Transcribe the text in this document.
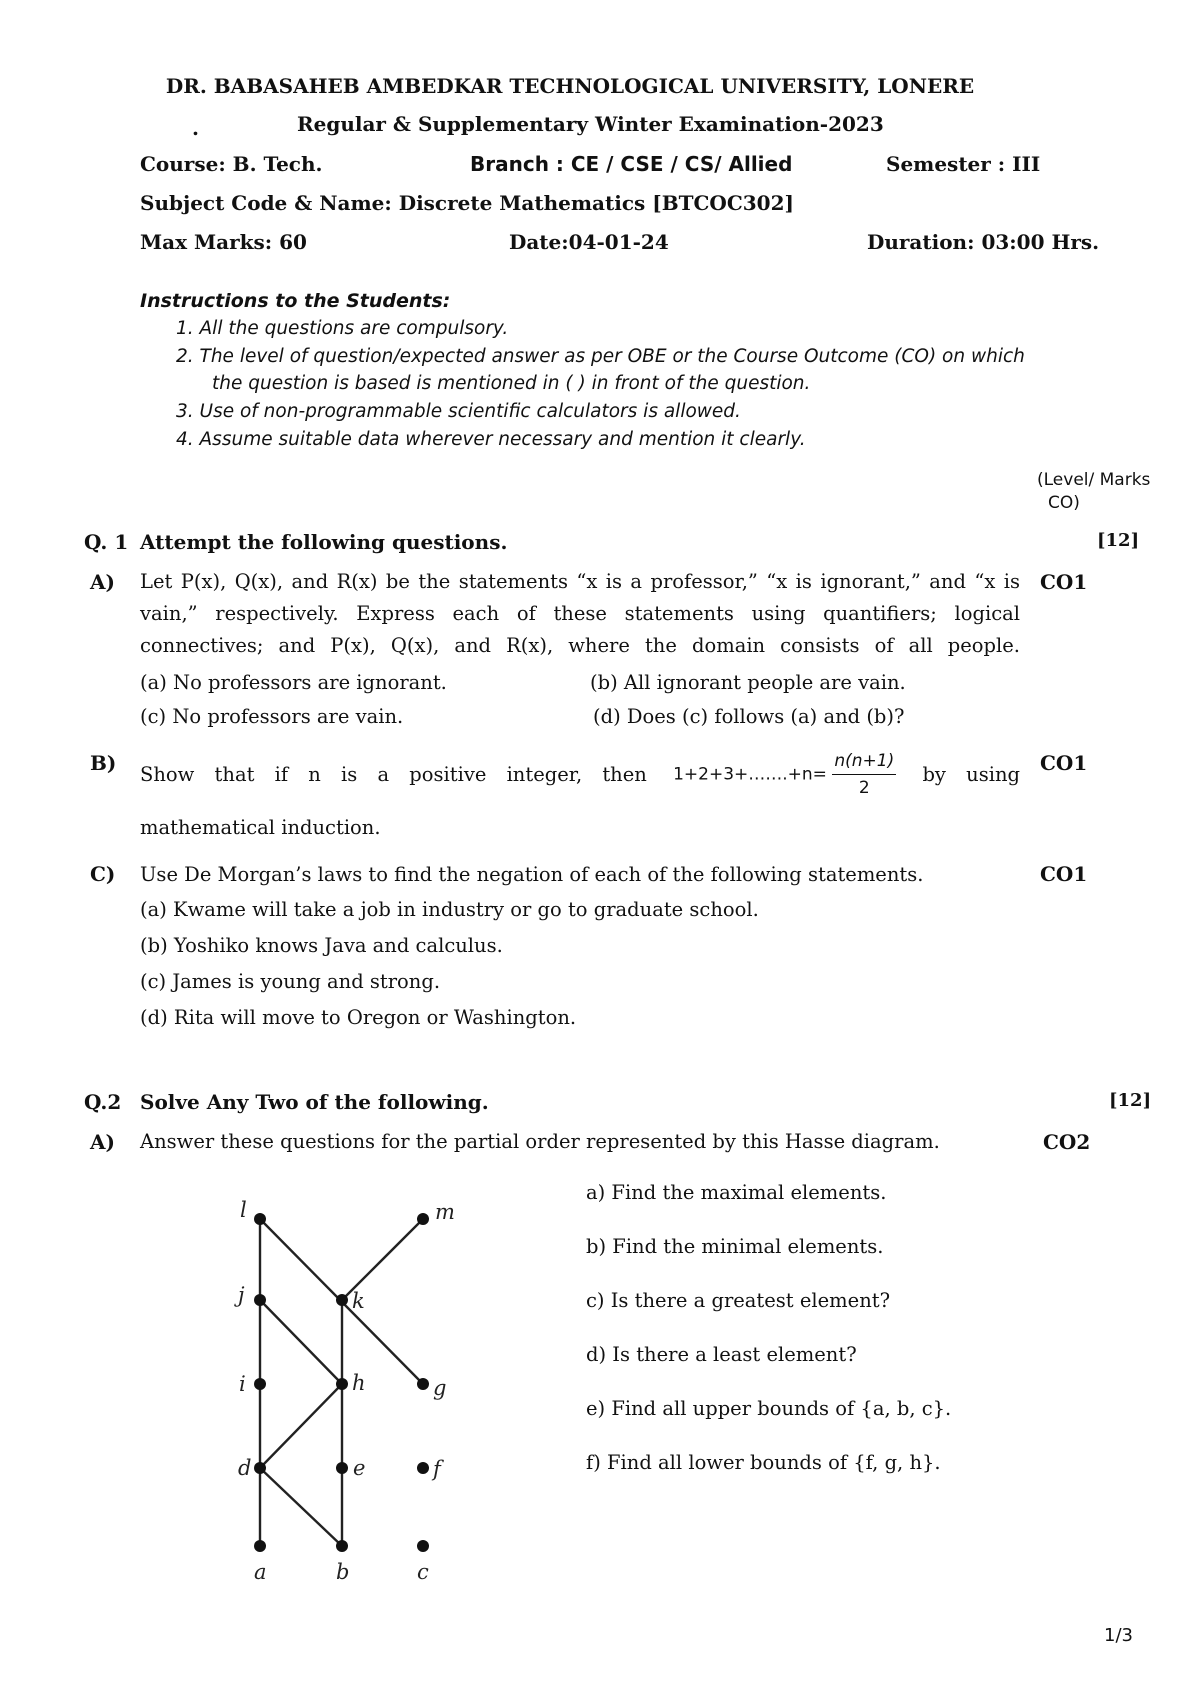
DR. BABASAHEB AMBEDKAR TECHNOLOGICAL UNIVERSITY, LONERE
.	Regular & Supplementary Winter Examination-2023
Course: B. Tech.	Branch : CE / CSE / CS/ Allied	Semester : III
Subject Code & Name: Discrete Mathematics [BTCOC302]
Max Marks: 60	Date:04-01-24	Duration: 03:00 Hrs.
Instructions to the Students:
1. All the questions are compulsory.
2. The level of question/expected answer as per OBE or the Course Outcome (CO) on which
the question is based is mentioned in ( ) in front of the question.
3. Use of non-programmable scientific calculators is allowed.
4. Assume suitable data wherever necessary and mention it clearly.
(Level/ Marks
CO)
Q. 1 Attempt the following questions.	[12]
A) Let P(x), Q(x), and R(x) be the statements “x is a professor,” “x is ignorant,” and “x is vain,” respectively. Express each of these statements using quantifiers; logical connectives; and P(x), Q(x), and R(x), where the domain consists of all people.
CO1
(a) No professors are ignorant.	(b) All ignorant people are vain.
(c) No professors are vain.	(d) Does (c) follows (a) and (b)?
B) Show that if n is a positive integer, then 1+2+3+…….+n= $\frac{n(n+1)}{2}$ by using CO1
mathematical induction.
C) Use De Morgan’s laws to find the negation of each of the following statements.	CO1
(a) Kwame will take a job in industry or go to graduate school.
(b) Yoshiko knows Java and calculus.
(c) James is young and strong.
(d) Rita will move to Oregon or Washington.
Q.2 Solve Any Two of the following.	[12]
A) Answer these questions for the partial order represented by this Hasse diagram.	CO2
a) Find the maximal elements.
b) Find the minimal elements.
c) Is there a greatest element?
d) Is there a least element?
e) Find all upper bounds of {a, b, c}.
f) Find all lower bounds of {f, g, h}.
l	m
j	k
i	h	g
d	e	f
a	b	c
1/3
